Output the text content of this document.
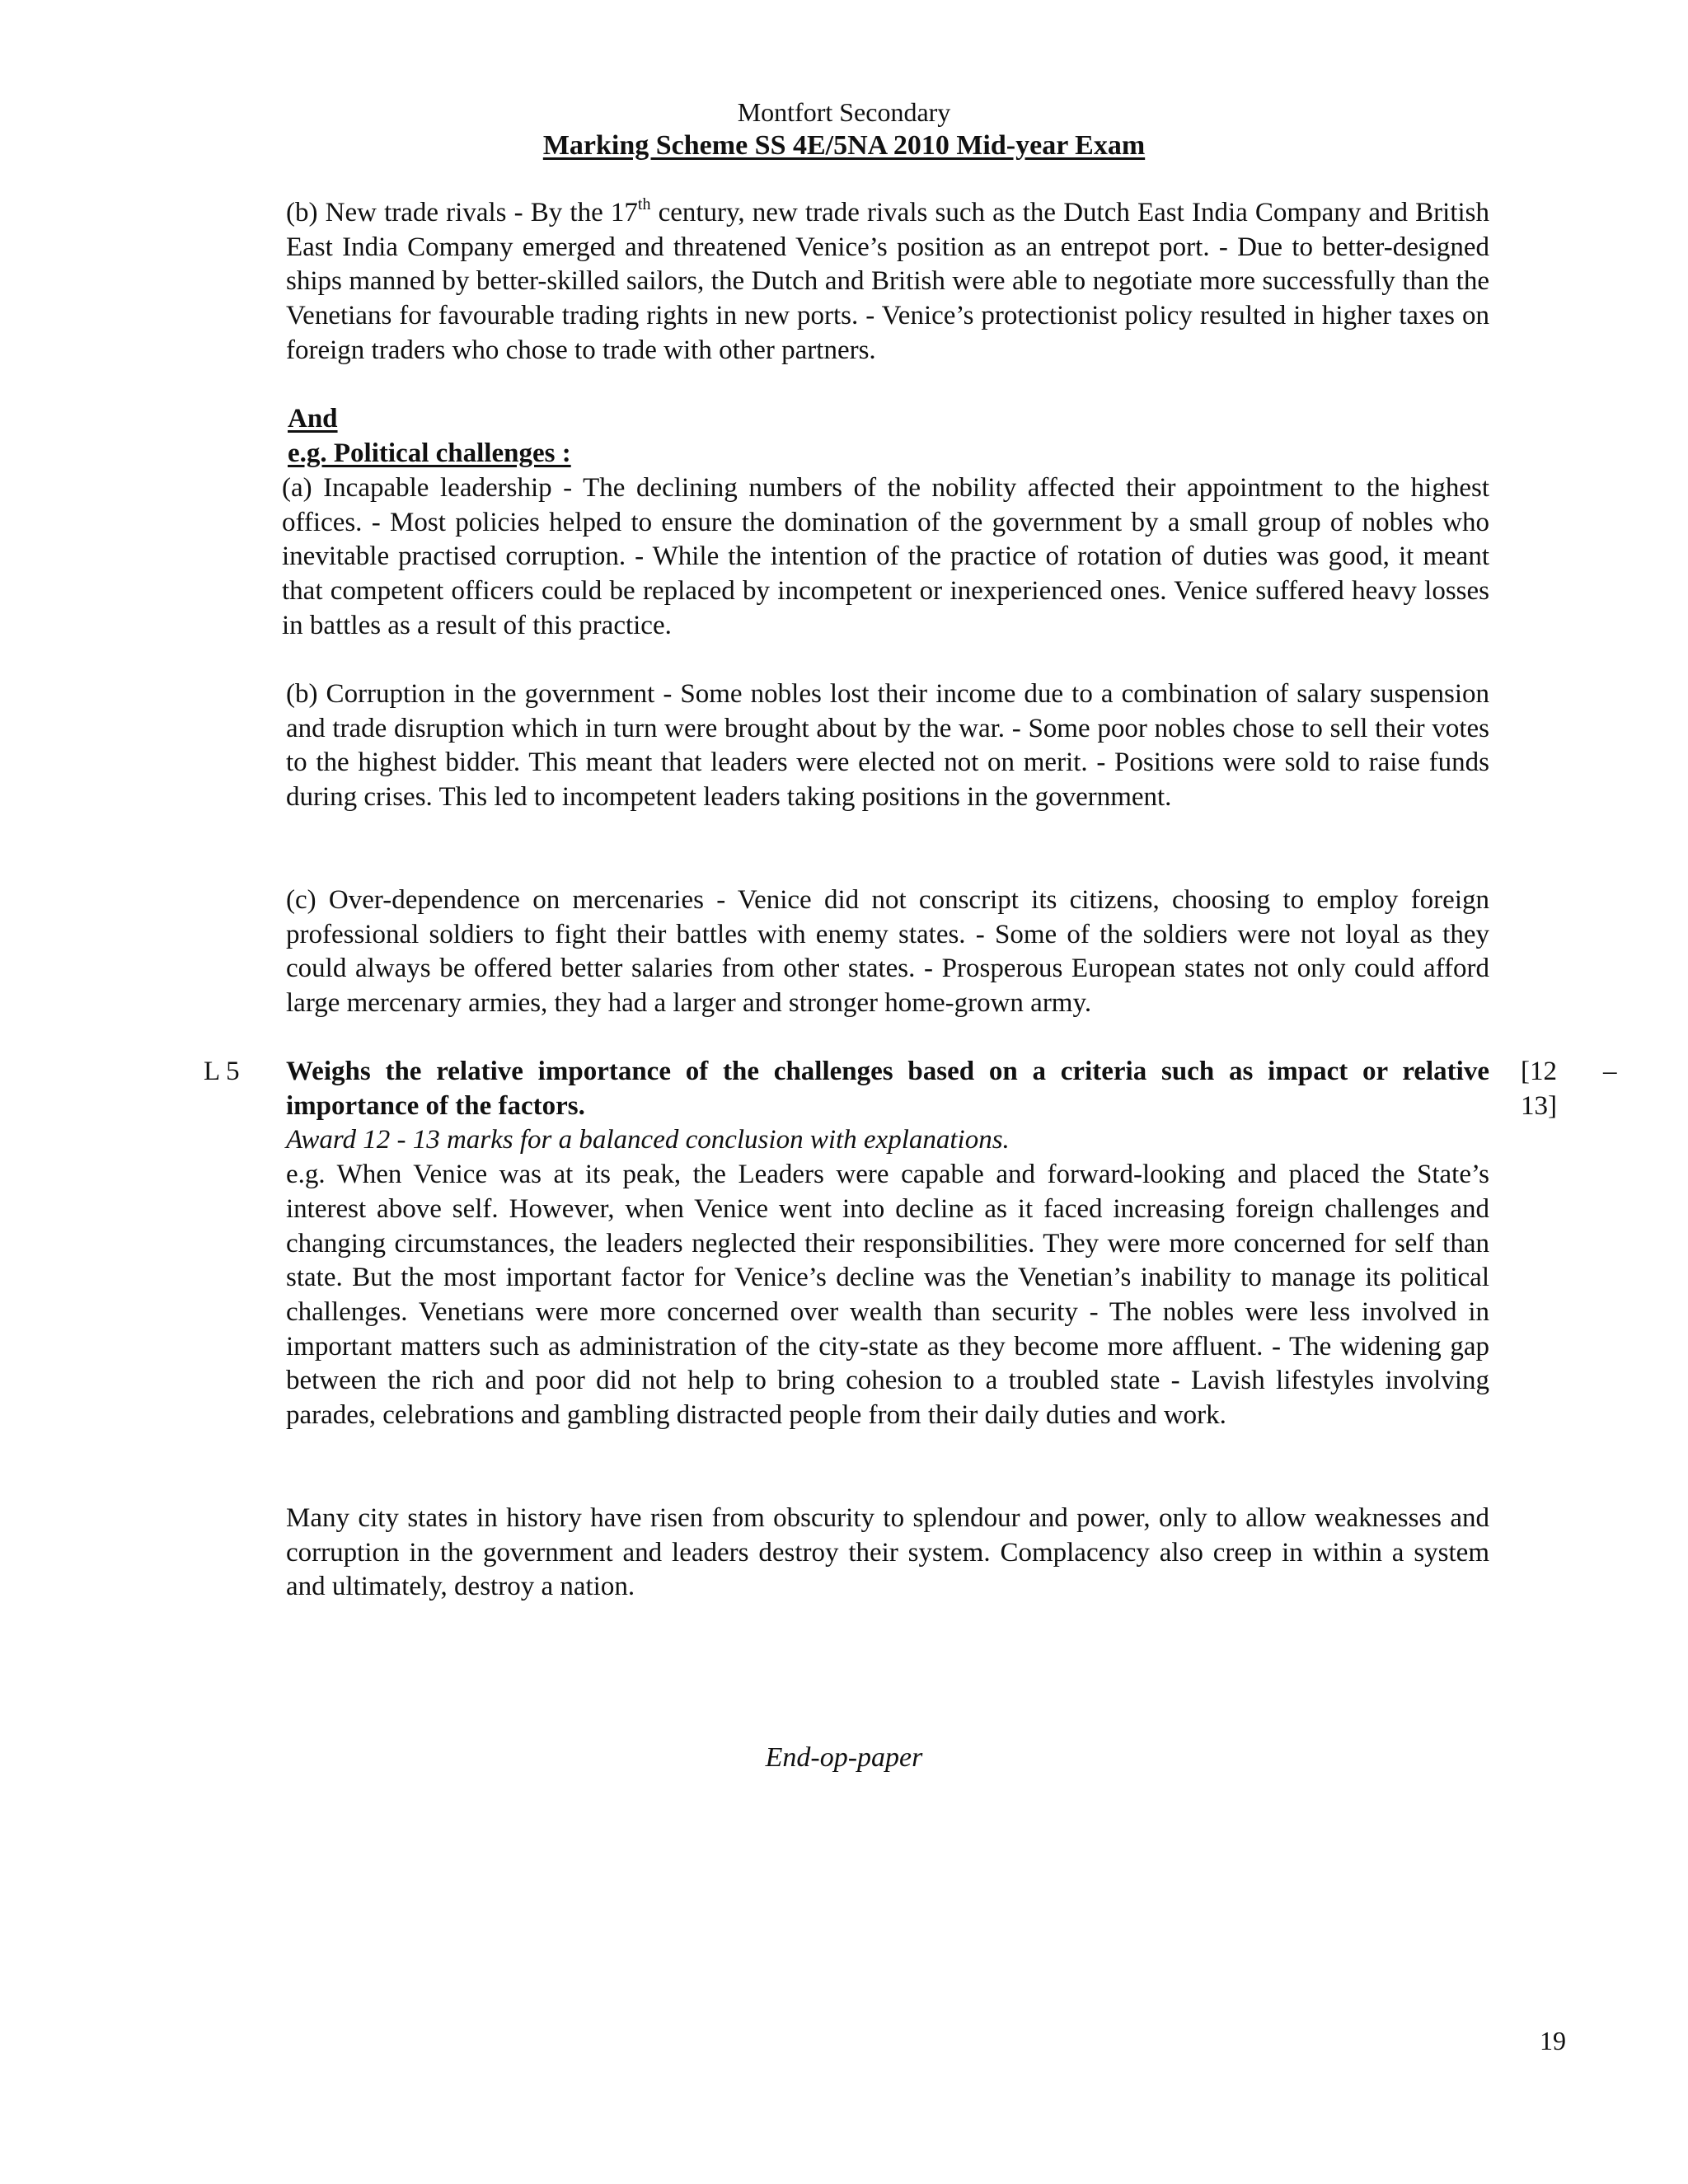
Montfort Secondary
Marking Scheme SS 4E/5NA 2010 Mid-year Exam

(b) New trade rivals - By the 17th century, new trade rivals such as the Dutch East India Company and British East India Company emerged and threatened Venice’s position as an entrepot port. - Due to better-designed ships manned by better-skilled sailors, the Dutch and British were able to negotiate more successfully than the Venetians for favourable trading rights in new ports. - Venice’s protectionist policy resulted in higher taxes on foreign traders who chose to trade with other partners.

And
e.g. Political challenges :

(a) Incapable leadership - The declining numbers of the nobility affected their appointment to the highest offices. - Most policies helped to ensure the domination of the government by a small group of nobles who inevitable practised corruption. - While the intention of the practice of rotation of duties was good, it meant that competent officers could be replaced by incompetent or inexperienced ones. Venice suffered heavy losses in battles as a result of this practice.

(b) Corruption in the government - Some nobles lost their income due to a combination of salary suspension and trade disruption which in turn were brought about by the war. - Some poor nobles chose to sell their votes to the highest bidder. This meant that leaders were elected not on merit. - Positions were sold to raise funds during crises. This led to incompetent leaders taking positions in the government.

(c) Over-dependence on mercenaries - Venice did not conscript its citizens, choosing to employ foreign professional soldiers to fight their battles with enemy states. - Some of the soldiers were not loyal as they could always be offered better salaries from other states. - Prosperous European states not only could afford large mercenary armies, they had a larger and stronger home-grown army.

L 5	[12	–
13]

Weighs the relative importance of the challenges based on a criteria such as impact or relative importance of the factors.

Award 12 - 13 marks for a balanced conclusion with explanations.

e.g. When Venice was at its peak, the Leaders were capable and forward-looking and placed the State’s interest above self. However, when Venice went into decline as it faced increasing foreign challenges and changing circumstances, the leaders neglected their responsibilities. They were more concerned for self than state. But the most important factor for Venice’s decline was the Venetian’s inability to manage its political challenges. Venetians were more concerned over wealth than security - The nobles were less involved in important matters such as administration of the city-state as they become more affluent. - The widening gap between the rich and poor did not help to bring cohesion to a troubled state - Lavish lifestyles involving parades, celebrations and gambling distracted people from their daily duties and work.

Many city states in history have risen from obscurity to splendour and power, only to allow weaknesses and corruption in the government and leaders destroy their system. Complacency also creep in within a system and ultimately, destroy a nation.

End-op-paper
19
